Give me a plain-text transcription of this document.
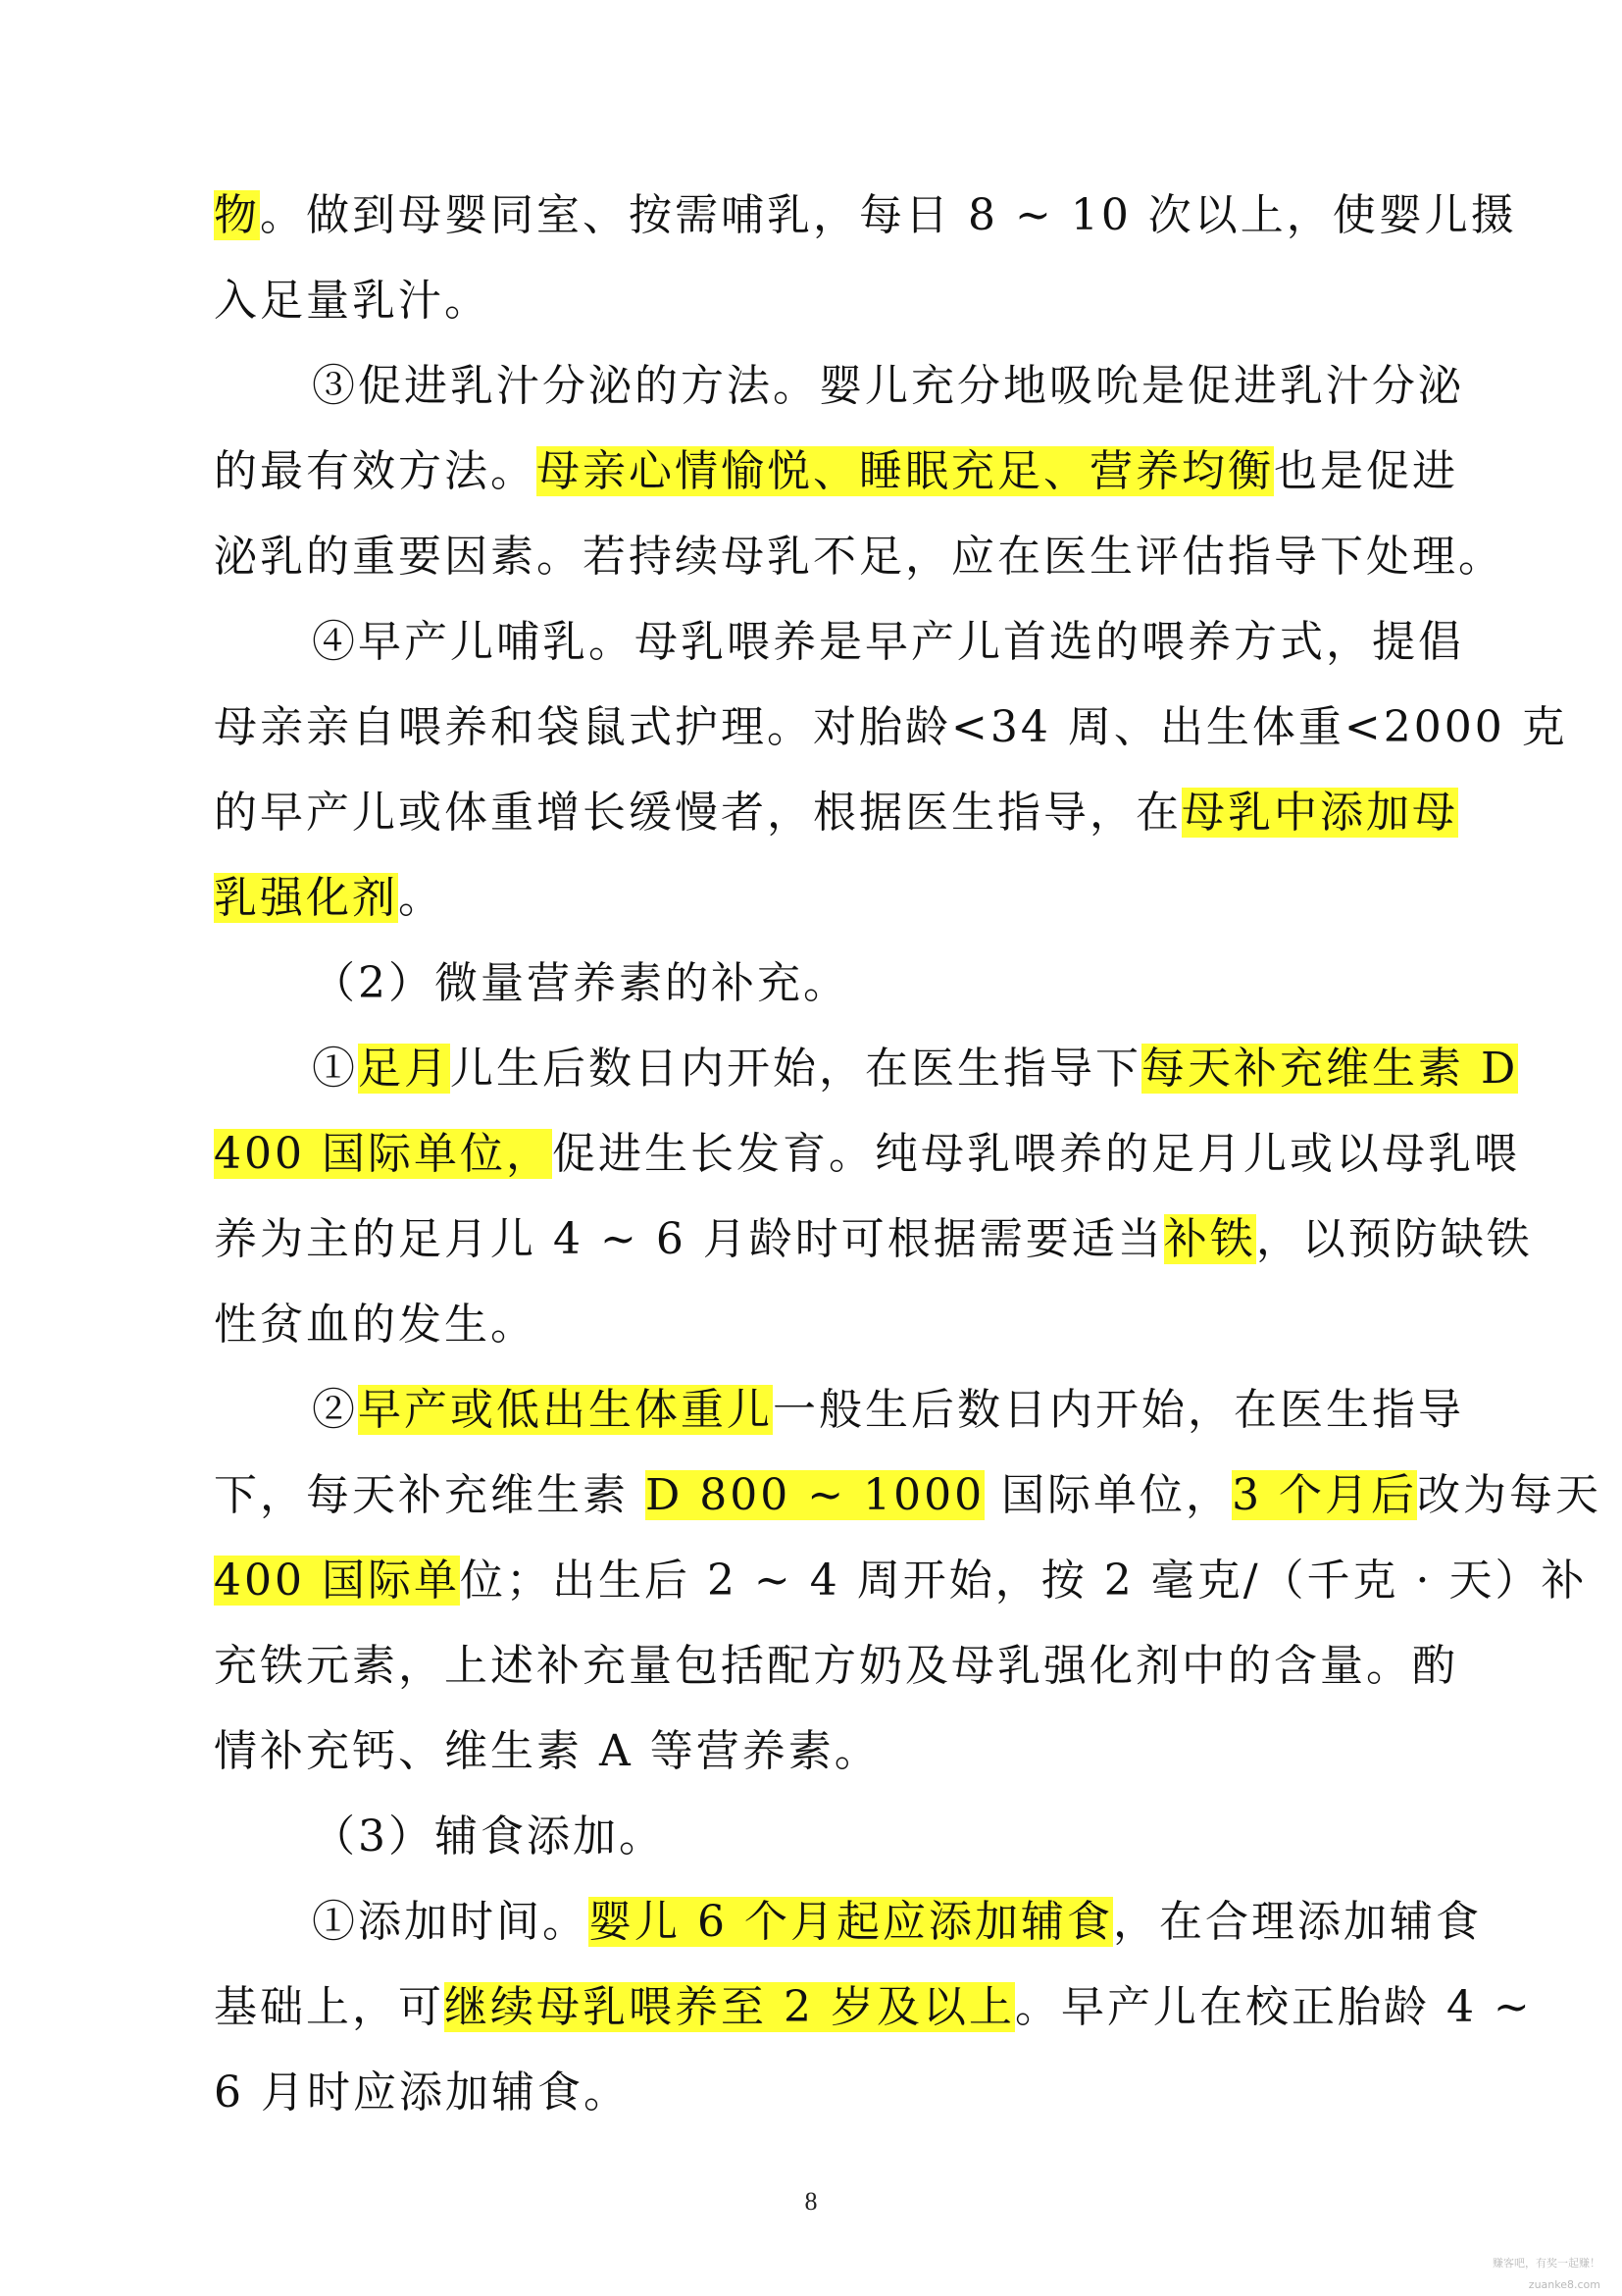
物。做到母婴同室、按需哺乳，每日 8 ~ 10 次以上，使婴儿摄
入足量乳汁。
③促进乳汁分泌的方法。婴儿充分地吸吮是促进乳汁分泌
的最有效方法。母亲心情愉悦、睡眠充足、营养均衡也是促进
泌乳的重要因素。若持续母乳不足，应在医生评估指导下处理。
④早产儿哺乳。母乳喂养是早产儿首选的喂养方式，提倡
母亲亲自喂养和袋鼠式护理。对胎龄<34 周、出生体重<2000 克
的早产儿或体重增长缓慢者，根据医生指导，在母乳中添加母
乳强化剂。
（2）微量营养素的补充。
①足月儿生后数日内开始，在医生指导下每天补充维生素 D
400 国际单位，促进生长发育。纯母乳喂养的足月儿或以母乳喂
养为主的足月儿 4 ~ 6 月龄时可根据需要适当补铁，以预防缺铁
性贫血的发生。
②早产或低出生体重儿一般生后数日内开始，在医生指导
下，每天补充维生素 D 800 ~ 1000 国际单位，3 个月后改为每天
400 国际单位；出生后 2 ~ 4 周开始，按 2 毫克/（千克 · 天）补
充铁元素，上述补充量包括配方奶及母乳强化剂中的含量。酌
情补充钙、维生素 A 等营养素。
（3）辅食添加。
①添加时间。婴儿 6 个月起应添加辅食，在合理添加辅食
基础上，可继续母乳喂养至 2 岁及以上。早产儿在校正胎龄 4 ~
6 月时应添加辅食。
8
赚客吧，有奖一起赚！ zuanke8.com
